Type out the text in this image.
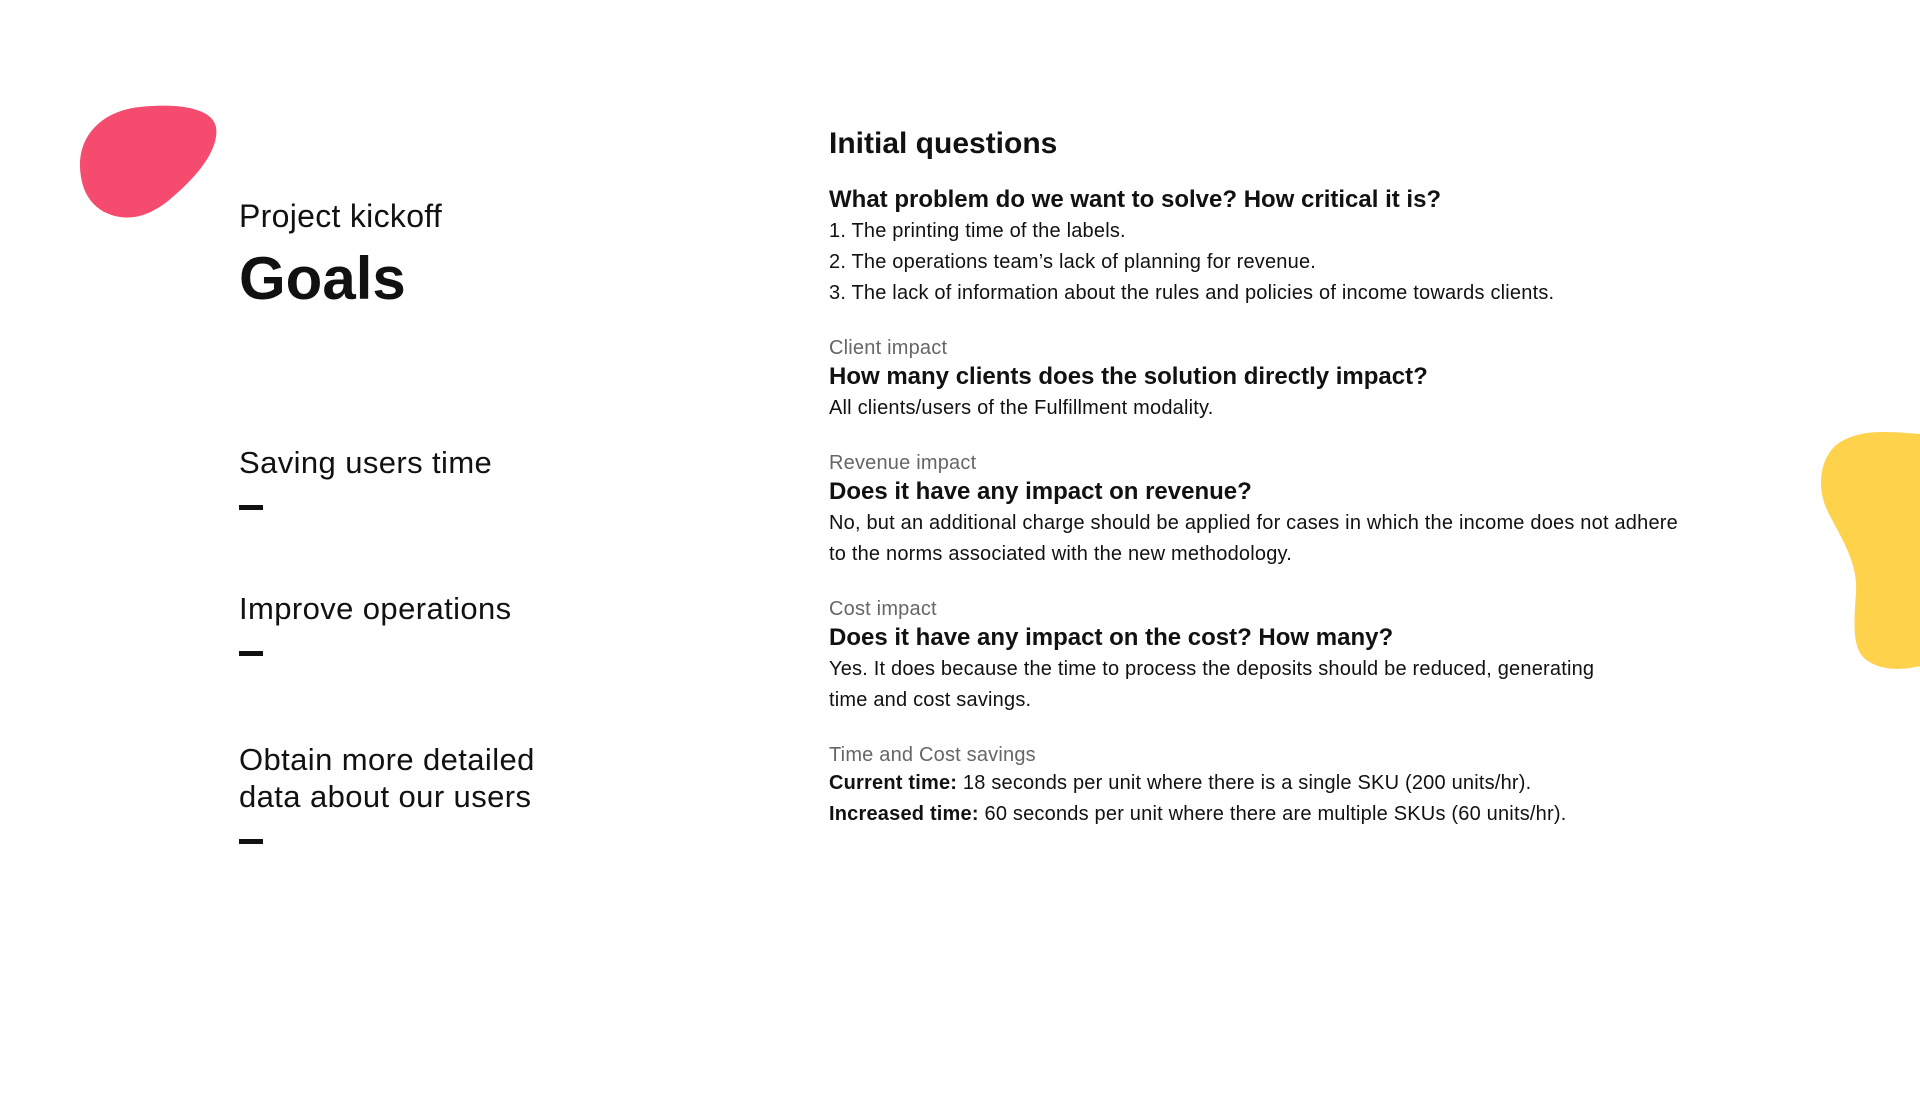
Project kickoff

Goals

Saving users time

Improve operations

Obtain more detailed
data about our users

Initial questions

What problem do we want to solve? How critical it is?

1. The printing time of the labels.
2. The operations team’s lack of planning for revenue.
3. The lack of information about the rules and policies of income towards clients.

Client impact

How many clients does the solution directly impact?

All clients/users of the Fulfillment modality.

Revenue impact

Does it have any impact on revenue?

No, but an additional charge should be applied for cases in which the income does not adhere to the norms associated with the new methodology.

Cost impact

Does it have any impact on the cost? How many?

Yes. It does because the time to process the deposits should be reduced, generating time and cost savings.

Time and Cost savings

Current time: 18 seconds per unit where there is a single SKU (200 units/hr).

Increased time: 60 seconds per unit where there are multiple SKUs (60 units/hr).
